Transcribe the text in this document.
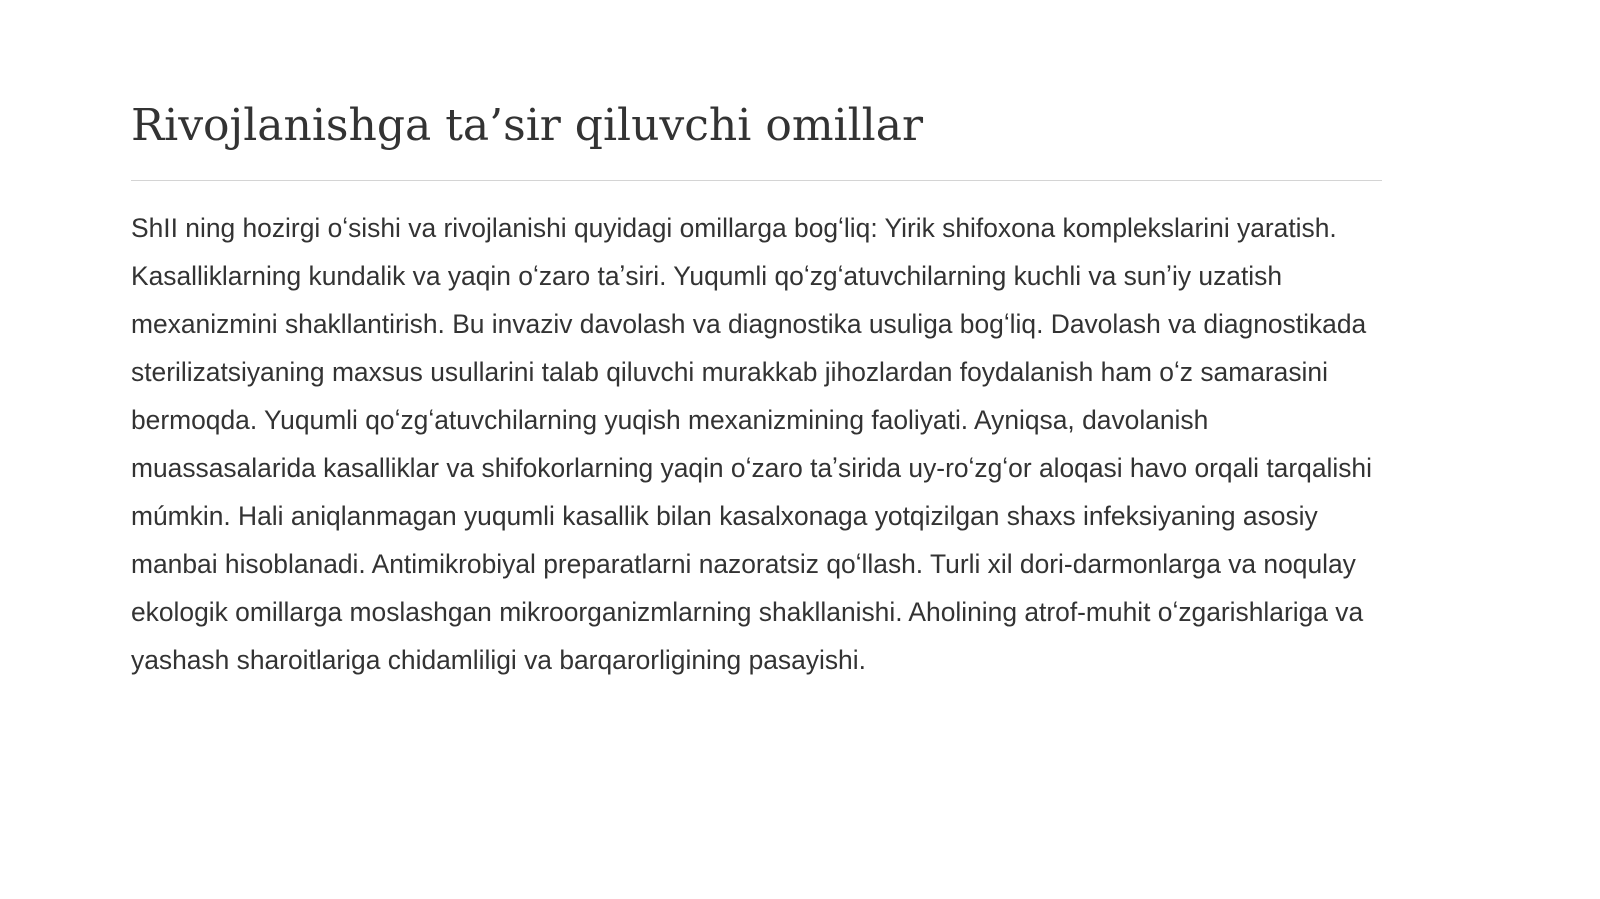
Rivojlanishga ta’sir qiluvchi omillar

ShII ning hozirgi oʻsishi va rivojlanishi quyidagi omillarga bogʻliq: Yirik shifoxona komplekslarini yaratish. Kasalliklarning kundalik va yaqin oʻzaro taʼsiri. Yuqumli qoʻzgʻatuvchilarning kuchli va sunʼiy uzatish mexanizmini shakllantirish. Bu invaziv davolash va diagnostika usuliga bogʻliq. Davolash va diagnostikada sterilizatsiyaning maxsus usullarini talab qiluvchi murakkab jihozlardan foydalanish ham oʻz samarasini bermoqda. Yuqumli qoʻzgʻatuvchilarning yuqish mexanizmining faoliyati. Ayniqsa, davolanish muassasalarida kasalliklar va shifokorlarning yaqin oʻzaro taʼsirida uy-roʻzgʻor aloqasi havo orqali tarqalishi múmkin. Hali aniqlanmagan yuqumli kasallik bilan kasalxonaga yotqizilgan shaxs infeksiyaning asosiy manbai hisoblanadi. Antimikrobiyal preparatlarni nazoratsiz qoʻllash. Turli xil dori-darmonlarga va noqulay ekologik omillarga moslashgan mikroorganizmlarning shakllanishi. Aholining atrof-muhit oʻzgarishlariga va yashash sharoitlariga chidamliligi va barqarorligining pasayishi.
